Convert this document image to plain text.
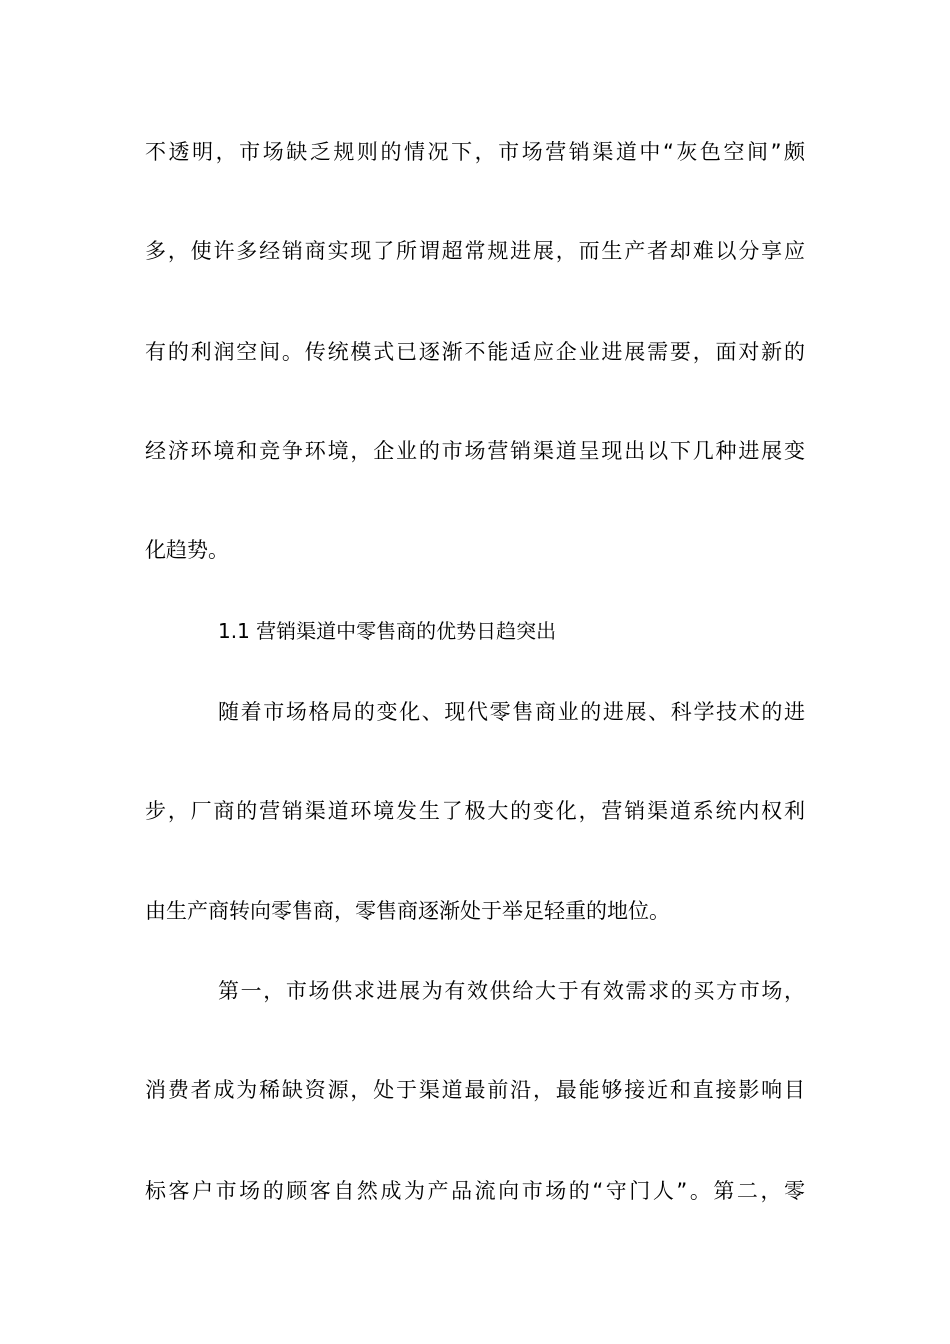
不透明，市场缺乏规则的情况下，市场营销渠道中“灰色空间”颇
多，使许多经销商实现了所谓超常规进展，而生产者却难以分享应
有的利润空间。传统模式已逐渐不能适应企业进展需要，面对新的
经济环境和竞争环境，企业的市场营销渠道呈现出以下几种进展变
化趋势。
1.1 营销渠道中零售商的优势日趋突出
随着市场格局的变化、现代零售商业的进展、科学技术的进
步，厂商的营销渠道环境发生了极大的变化，营销渠道系统内权利
由生产商转向零售商，零售商逐渐处于举足轻重的地位。
第一，市场供求进展为有效供给大于有效需求的买方市场，
消费者成为稀缺资源，处于渠道最前沿，最能够接近和直接影响目
标客户市场的顾客自然成为产品流向市场的“守门人”。第二，零
